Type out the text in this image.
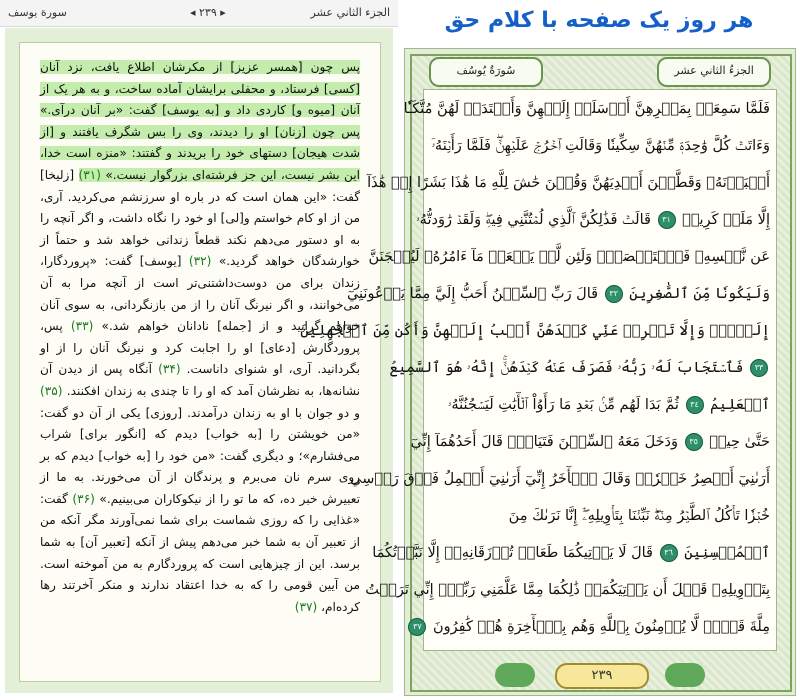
الجزء الثاني عشر
◂ ۲۳۹ ▸
سورة يوسف
پس چون [همسر عزیز] از مکرشان اطلاع یافت، نزد آنان [کسی] فرستاد، و محفلی برایشان آماده ساخت، و به هر یک از آنان [میوه و] کاردی داد و [به یوسف] گفت: «بر آنان درآی.» پس چون [زنان] او را دیدند، وی را بس شگرف یافتند و [از شدت هیجان] دستهای خود را بریدند و گفتند: «منزه است خدا، این بشر نیست، این جز فرشته‌ای بزرگوار نیست.» (۳۱) [زلیخا] گفت: «این همان است که در باره او سرزنشم می‌کردید. آری، من از او کام خواستم و[لی] او خود را نگاه داشت، و اگر آنچه را به او دستور می‌دهم نکند قطعاً زندانی خواهد شد و حتماً از خوارشدگان خواهد گردید.» (۳۲) [یوسف] گفت: «پروردگارا، زندان برای من دوست‌داشتنی‌تر است از آنچه مرا به آن می‌خوانند، و اگر نیرنگ آنان را از من بازنگردانی، به سوی آنان خواهم گرایید و از [جمله] نادانان خواهم شد.» (۳۳) پس، پروردگارش [دعای] او را اجابت کرد و نیرنگ آنان را از او بگردانید. آری، او شنوای داناست. (۳۴) آنگاه پس از دیدن آن نشانه‌ها، به نظرشان آمد که او را تا چندی به زندان افکنند. (۳۵) و دو جوان با او به زندان درآمدند. [روزی] یکی از آن دو گفت: «من خویشتن را [به خواب] دیدم که [انگور برای] شراب می‌فشارم»؛ و دیگری گفت: «من خود را [به خواب] دیدم که بر روی سرم نان می‌برم و پرندگان از آن می‌خورند. به ما از تعبیرش خبر ده، که ما تو را از نیکوکاران می‌بینیم.» (۳۶) گفت: «غذایی را که روزی شماست برای شما نمی‌آورند مگر آنکه من از تعبیر آن به شما خبر می‌دهم پیش از آنکه [تعبیر آن] به شما برسد. این از چیزهایی است که پروردگارم به من آموخته است. من آیین قومی را که به خدا اعتقاد ندارند و منکر آخرتند رها کرده‌ام، (۳۷)
هر روز یک صفحه با کلام حق
الجزءُ الثاني عشر
سُورَةُ يُوسُف
فَلَمَّا سَمِعَتۡ بِمَكۡرِهِنَّ أَرۡسَلَتۡ إِلَيۡهِنَّ وَأَعۡتَدَتۡ لَهُنَّ مُتَّكَـٔٗا
وَءَاتَتۡ كُلَّ وَٰحِدَةٖ مِّنۡهُنَّ سِكِّينٗا وَقَالَتِ ٱخۡرُجۡ عَلَيۡهِنَّۖ فَلَمَّا رَأَيۡنَهُۥٓ
أَكۡبَرۡنَهُۥ وَقَطَّعۡنَ أَيۡدِيَهُنَّ وَقُلۡنَ حَٰشَ لِلَّهِ مَا هَٰذَا بَشَرًا إِنۡ هَٰذَآ
إِلَّا مَلَكٞ كَرِيمٞ ٣١ قَالَتۡ فَذَٰلِكُنَّ ٱلَّذِي لُمۡتُنَّنِي فِيهِۖ وَلَقَدۡ رَٰوَدتُّهُۥ
عَن نَّفۡسِهِۦ فَٱسۡتَعۡصَمَۖ وَلَئِن لَّمۡ يَفۡعَلۡ مَآ ءَامُرُهُۥ لَيُسۡجَنَنَّ
وَلَيَكُونٗا مِّنَ ٱلصَّٰغِرِينَ ٣٢ قَالَ رَبِّ ٱلسِّجۡنُ أَحَبُّ إِلَيَّ مِمَّا يَدۡعُونَنِيٓ
إِلَيۡهِۖ وَإِلَّا تَصۡرِفۡ عَنِّي كَيۡدَهُنَّ أَصۡبُ إِلَيۡهِنَّ وَأَكُن مِّنَ ٱلۡجَٰهِلِينَ
٣٣ فَٱسۡتَجَابَ لَهُۥ رَبُّهُۥ فَصَرَفَ عَنۡهُ كَيۡدَهُنَّۚ إِنَّهُۥ هُوَ ٱلسَّمِيعُ
ٱلۡعَلِيمُ ٣٤ ثُمَّ بَدَا لَهُم مِّنۢ بَعۡدِ مَا رَأَوُاْ ٱلۡأٓيَٰتِ لَيَسۡجُنُنَّهُۥ
حَتَّىٰ حِينٖ ٣٥ وَدَخَلَ مَعَهُ ٱلسِّجۡنَ فَتَيَانِۖ قَالَ أَحَدُهُمَآ إِنِّيٓ
أَرَىٰنِيٓ أَعۡصِرُ خَمۡرٗاۖ وَقَالَ ٱلۡأٓخَرُ إِنِّيٓ أَرَىٰنِيٓ أَحۡمِلُ فَوۡقَ رَأۡسِي
خُبۡزٗا تَأۡكُلُ ٱلطَّيۡرُ مِنۡهُۖ نَبِّئۡنَا بِتَأۡوِيلِهِۦٓۖ إِنَّا نَرَىٰكَ مِنَ
ٱلۡمُحۡسِنِينَ ٣٦ قَالَ لَا يَأۡتِيكُمَا طَعَامٞ تُرۡزَقَانِهِۦٓ إِلَّا نَبَّأۡتُكُمَا
بِتَأۡوِيلِهِۦ قَبۡلَ أَن يَأۡتِيَكُمَاۚ ذَٰلِكُمَا مِمَّا عَلَّمَنِي رَبِّيٓۚ إِنِّي تَرَكۡتُ
مِلَّةَ قَوۡمٖ لَّا يُؤۡمِنُونَ بِٱللَّهِ وَهُم بِٱلۡأٓخِرَةِ هُمۡ كَٰفِرُونَ ٣٧
٢٣٩
